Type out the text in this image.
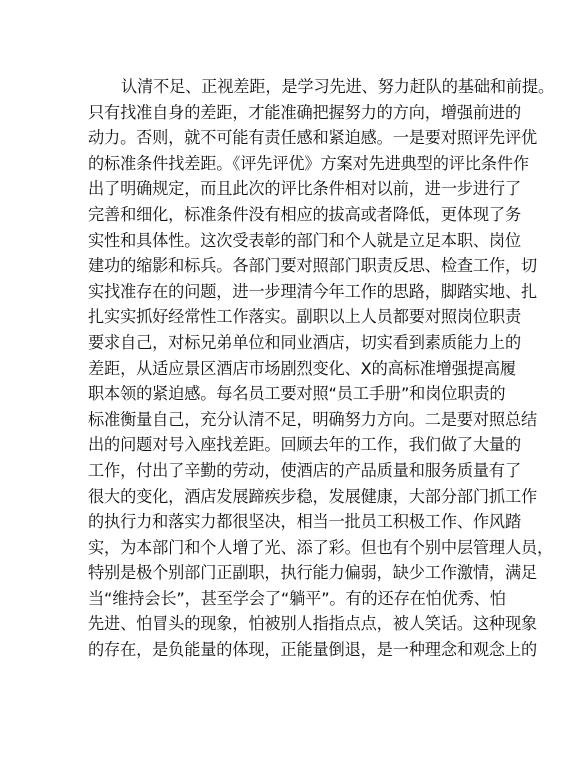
认清不足、正视差距，是学习先进、努力赶队的基础和前提。
只有找准自身的差距，才能准确把握努力的方向，增强前进的
动力。否则，就不可能有责任感和紧迫感。一是要对照评先评优
的标准条件找差距。《评先评优》方案对先进典型的评比条件作
出了明确规定，而且此次的评比条件相对以前，进一步进行了
完善和细化，标准条件没有相应的拔高或者降低，更体现了务
实性和具体性。这次受表彰的部门和个人就是立足本职、岗位
建功的缩影和标兵。各部门要对照部门职责反思、检查工作，切
实找准存在的问题，进一步理清今年工作的思路，脚踏实地、扎
扎实实抓好经常性工作落实。副职以上人员都要对照岗位职责
要求自己，对标兄弟单位和同业酒店，切实看到素质能力上的
差距，从适应景区酒店市场剧烈变化、X的高标准增强提高履
职本领的紧迫感。每名员工要对照“员工手册”和岗位职责的
标准衡量自己，充分认清不足，明确努力方向。二是要对照总结
出的问题对号入座找差距。回顾去年的工作，我们做了大量的
工作，付出了辛勤的劳动，使酒店的产品质量和服务质量有了
很大的变化，酒店发展蹄疾步稳，发展健康，大部分部门抓工作
的执行力和落实力都很坚决，相当一批员工积极工作、作风踏
实，为本部门和个人增了光、添了彩。但也有个别中层管理人员，
特别是极个别部门正副职，执行能力偏弱，缺少工作激情，满足
当“维持会长”，甚至学会了“躺平”。有的还存在怕优秀、怕
先进、怕冒头的现象，怕被别人指指点点，被人笑话。这种现象
的存在，是负能量的体现，正能量倒退，是一种理念和观念上的
